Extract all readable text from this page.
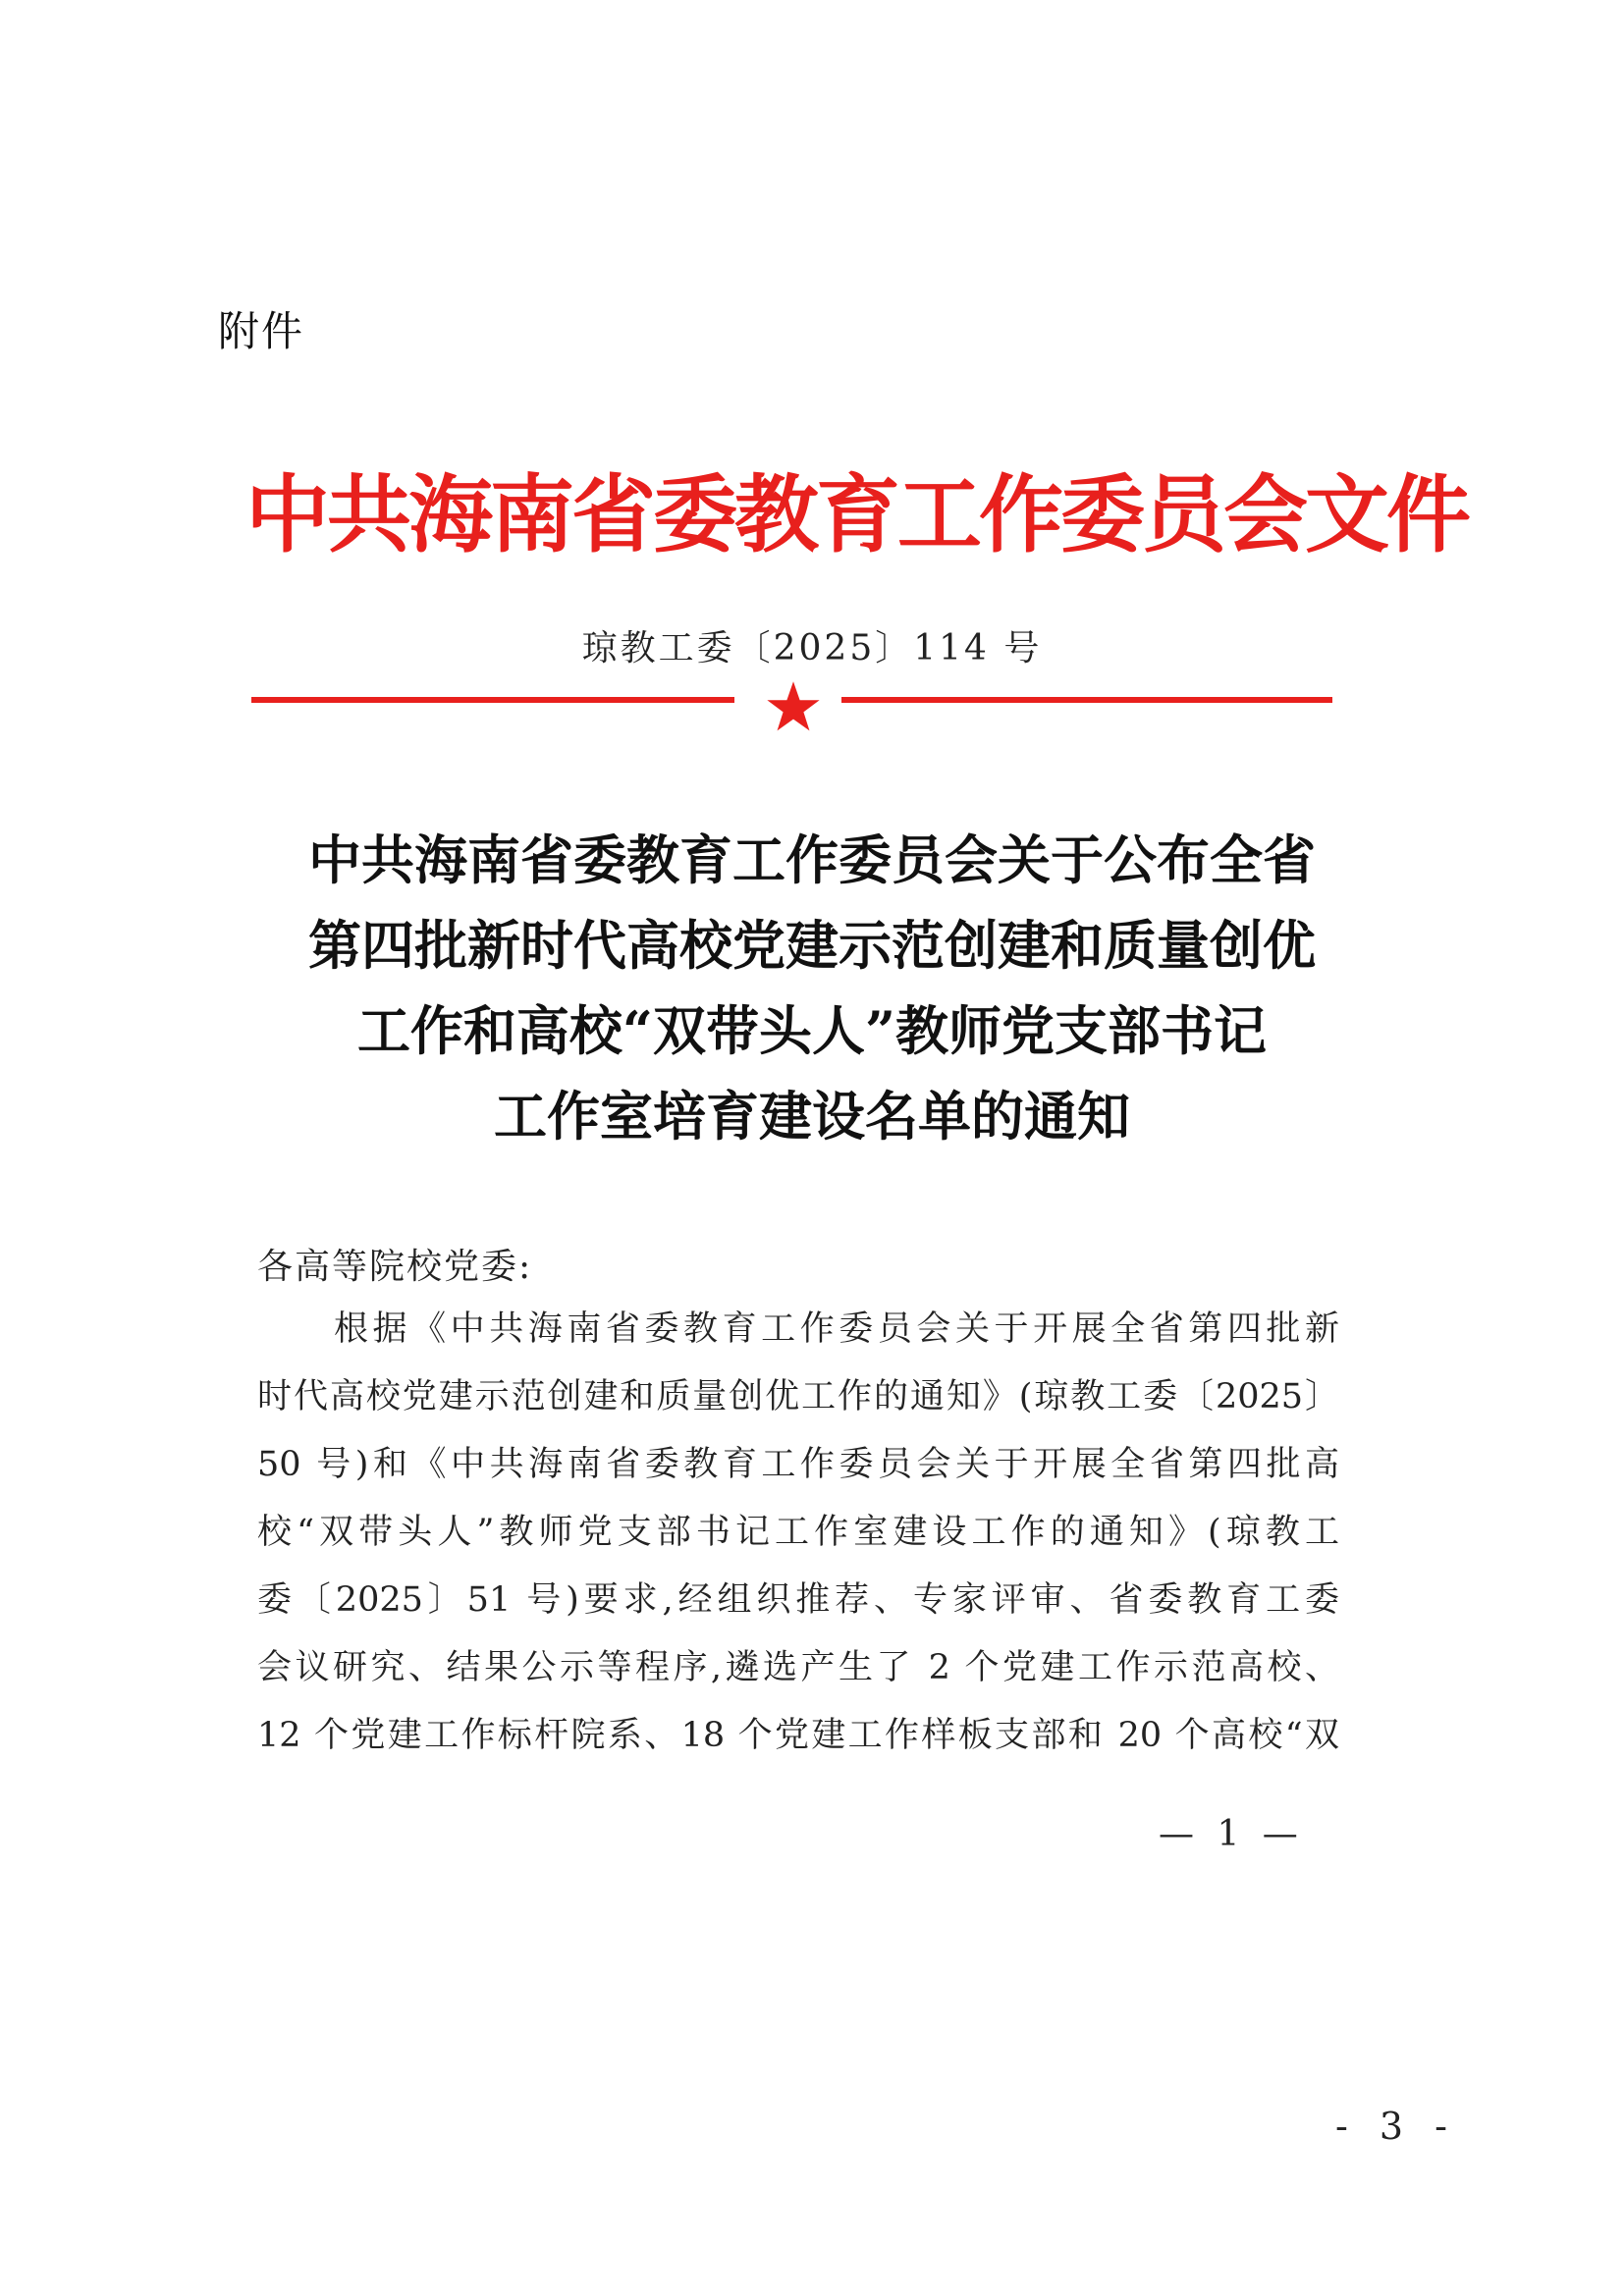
附件
中共海南省委教育工作委员会文件
琼教工委〔2025〕114 号
中共海南省委教育工作委员会关于公布全省
第四批新时代高校党建示范创建和质量创优
工作和高校“双带头人”教师党支部书记
工作室培育建设名单的通知
各高等院校党委:
根据《中共海南省委教育工作委员会关于开展全省第四批新
时代高校党建示范创建和质量创优工作的通知》(琼教工委〔2025〕
50 号)和《中共海南省委教育工作委员会关于开展全省第四批高
校“双带头人”教师党支部书记工作室建设工作的通知》(琼教工
委〔2025〕51 号)要求,经组织推荐、专家评审、省委教育工委
会议研究、结果公示等程序,遴选产生了 2 个党建工作示范高校、
12 个党建工作标杆院系、18 个党建工作样板支部和 20 个高校“双
— 1 —
- 3 -
